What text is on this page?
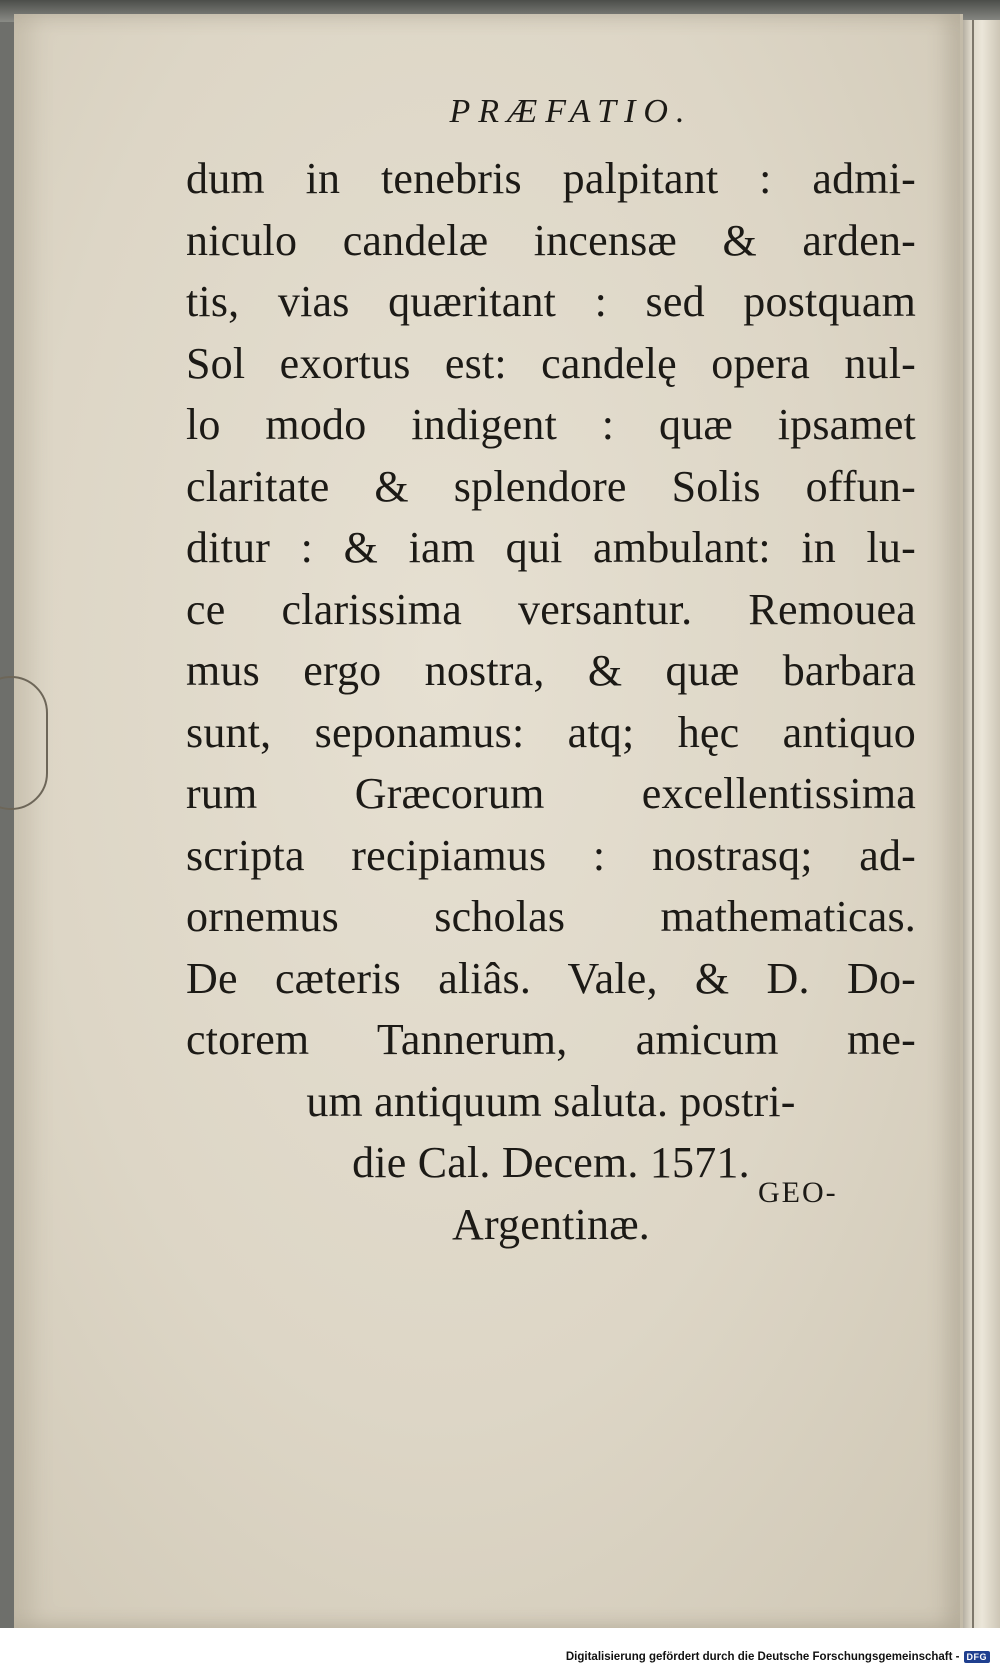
PRÆFATIO.
dum in tenebris palpitant : admi-
niculo candelæ incensæ & arden-
tis, vias quæritant : sed postquam
Sol exortus est: candelę opera nul-
lo modo indigent : quæ ipsamet
claritate & splendore Solis offun-
ditur : & iam qui ambulant: in lu-
ce clarissima versantur. Remouea
mus ergo nostra, & quæ barbara
sunt, seponamus: atq; hęc antiquo
rum Græcorum excellentissima
scripta recipiamus : nostrasq; ad-
ornemus scholas mathematicas.
De cæteris aliâs. Vale, & D. Do-
ctorem Tannerum, amicum me-
um antiquum saluta. postri-
die Cal. Decem. 1571.
Argentinæ.
GEO-
Digitalisierung gefördert durch die Deutsche Forschungsgemeinschaft - DFG
